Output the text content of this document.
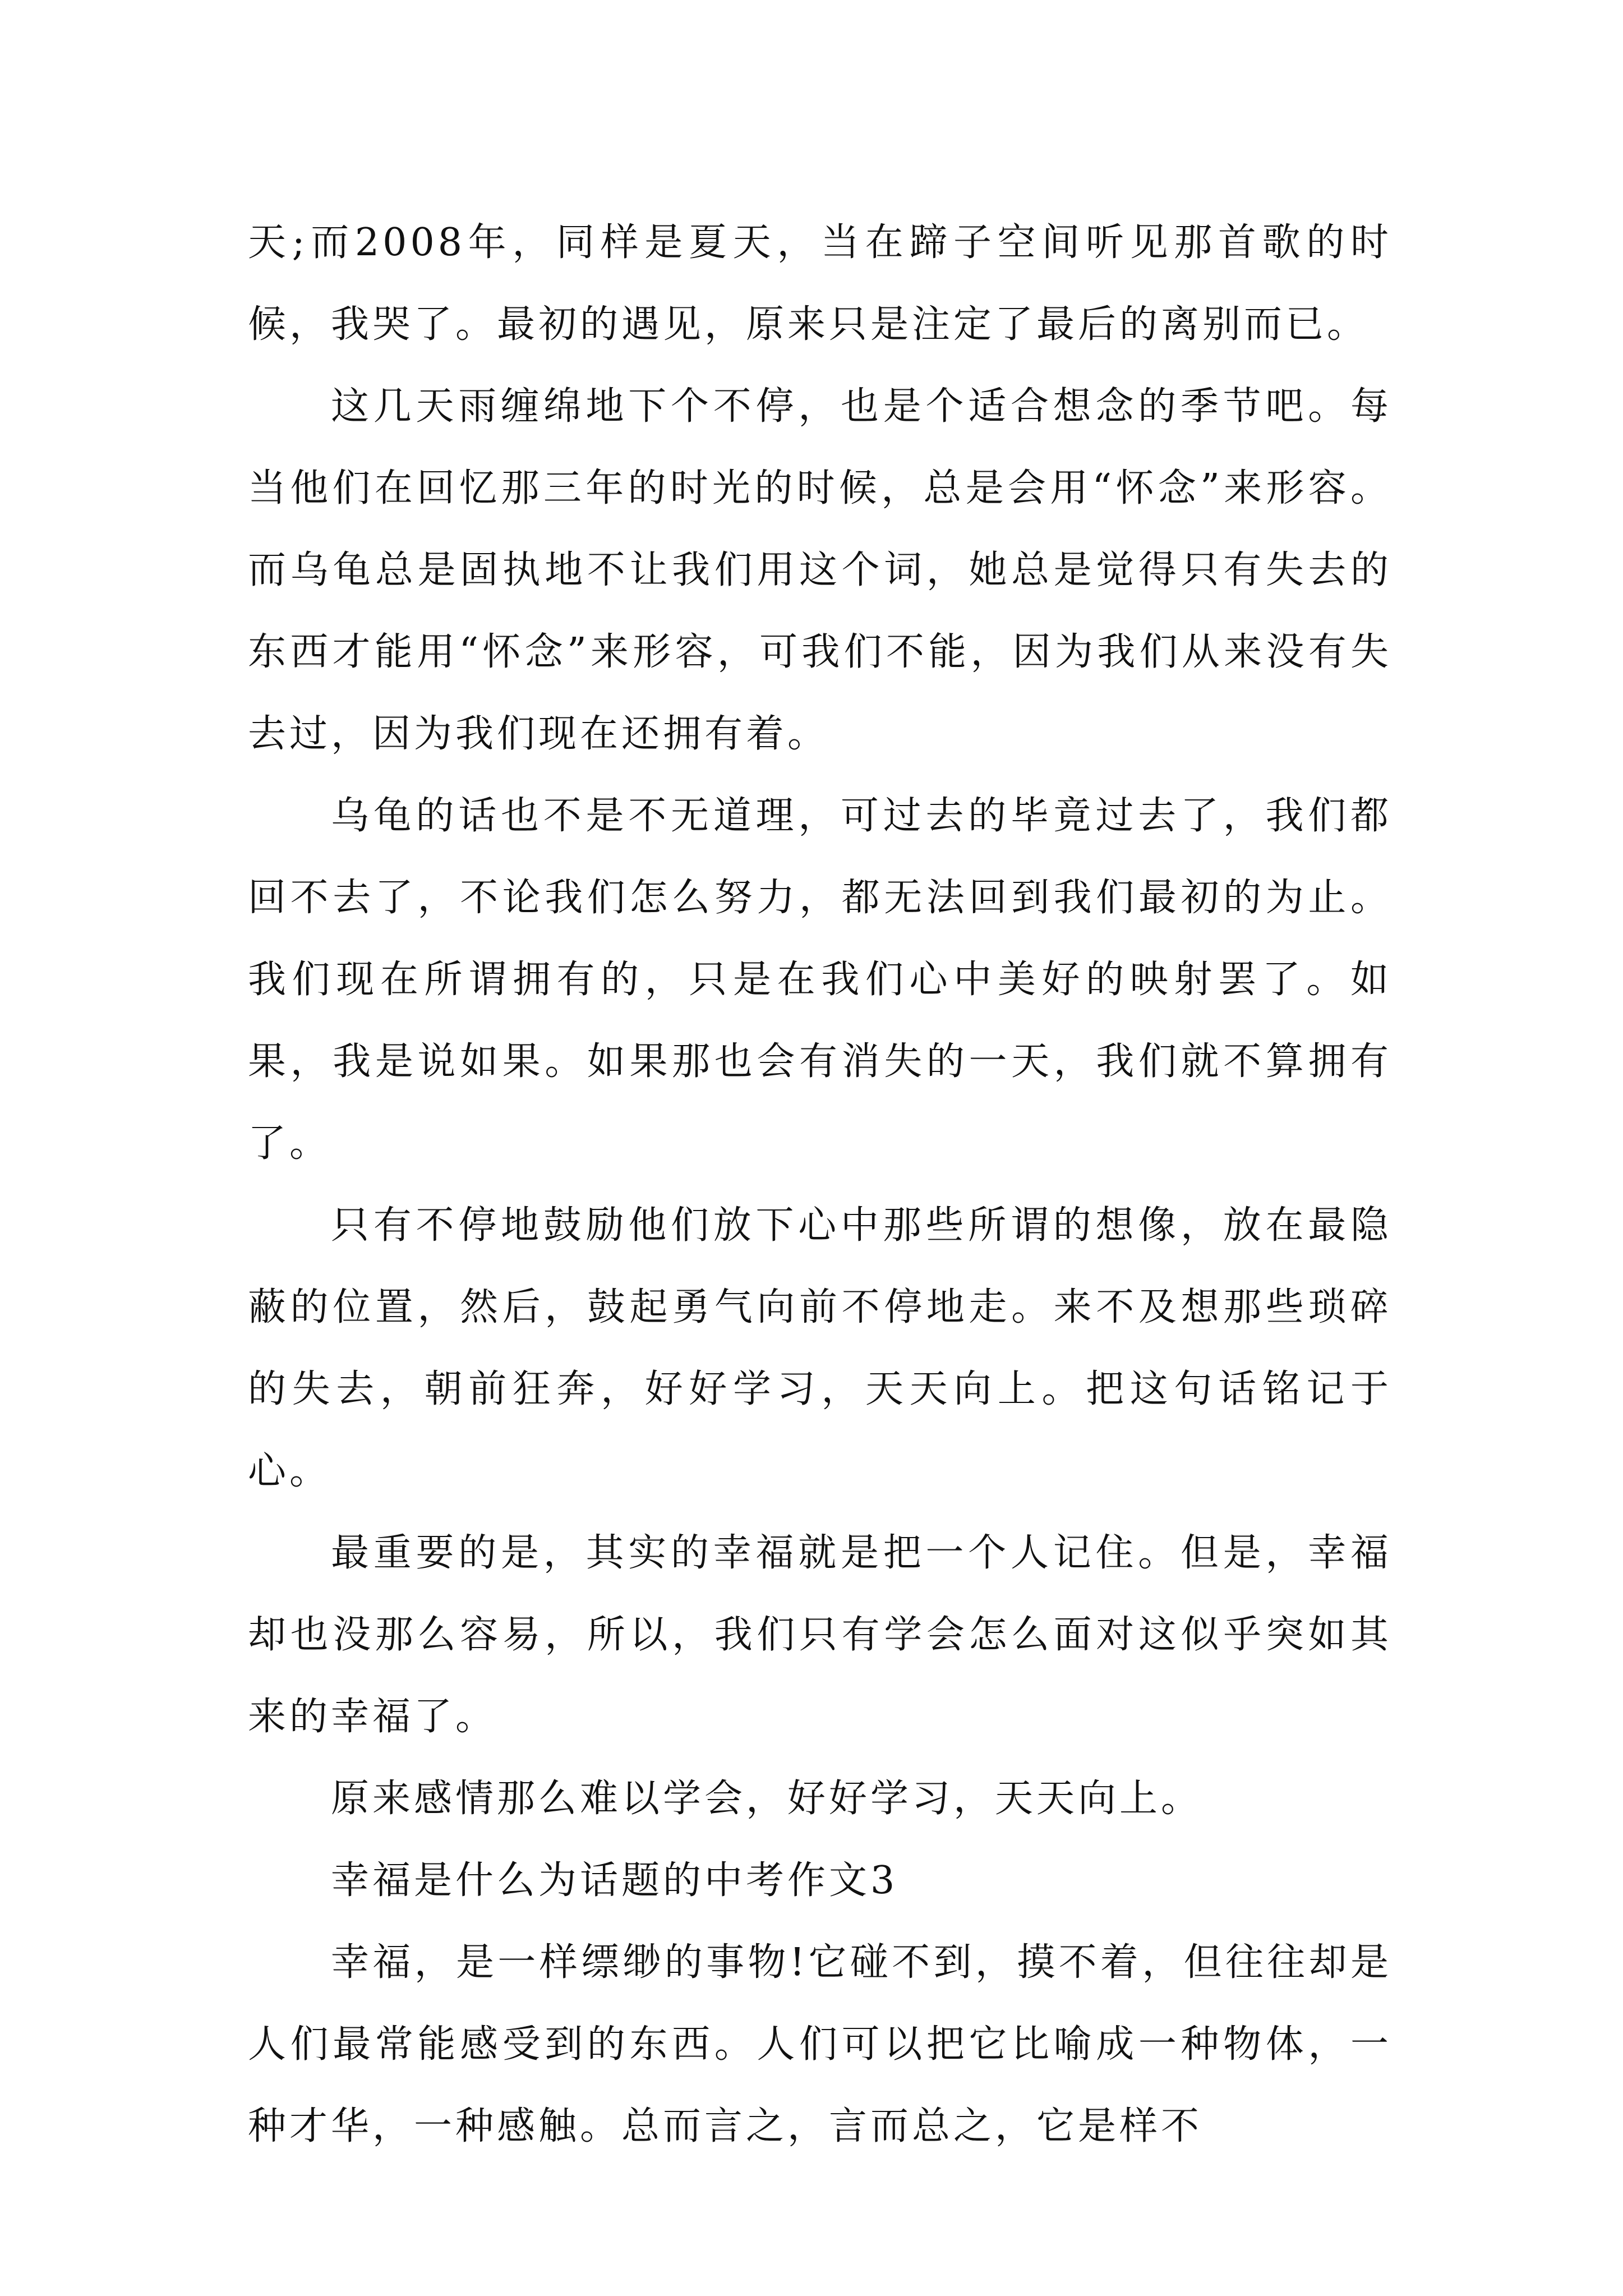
天;而2008年，同样是夏天，当在蹄子空间听见那首歌的时候，我哭了。最初的遇见，原来只是注定了最后的离别而已。

这几天雨缠绵地下个不停，也是个适合想念的季节吧。每当他们在回忆那三年的时光的时候，总是会用“怀念”来形容。而乌龟总是固执地不让我们用这个词，她总是觉得只有失去的东西才能用“怀念”来形容，可我们不能，因为我们从来没有失去过，因为我们现在还拥有着。

乌龟的话也不是不无道理，可过去的毕竟过去了，我们都回不去了，不论我们怎么努力，都无法回到我们最初的为止。我们现在所谓拥有的，只是在我们心中美好的映射罢了。如果，我是说如果。如果那也会有消失的一天，我们就不算拥有了。

只有不停地鼓励他们放下心中那些所谓的想像，放在最隐蔽的位置，然后，鼓起勇气向前不停地走。来不及想那些琐碎的失去，朝前狂奔，好好学习，天天向上。把这句话铭记于心。

最重要的是，其实的幸福就是把一个人记住。但是，幸福却也没那么容易，所以，我们只有学会怎么面对这似乎突如其来的幸福了。

原来感情那么难以学会，好好学习，天天向上。

幸福是什么为话题的中考作文3

幸福，是一样缥缈的事物!它碰不到，摸不着，但往往却是人们最常能感受到的东西。人们可以把它比喻成一种物体，一种才华，一种感触。总而言之，言而总之，它是样不
